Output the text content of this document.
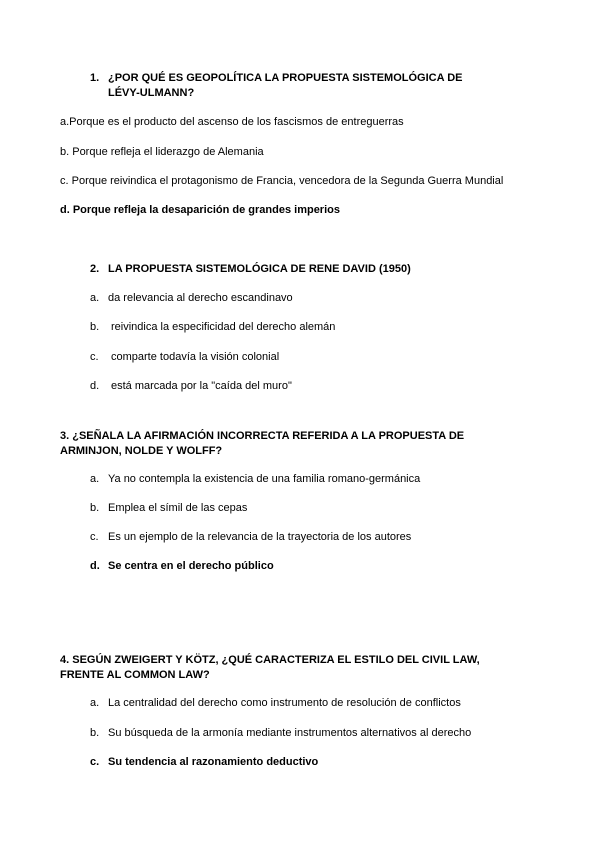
1. ¿POR QUÉ ES GEOPOLÍTICA LA PROPUESTA SISTEMOLÓGICA DE
LÉVY-ULMANN?
a.Porque es el producto del ascenso de los fascismos de entreguerras
b. Porque refleja el liderazgo de Alemania
c. Porque reivindica el protagonismo de Francia, vencedora de la Segunda Guerra Mundial
d. Porque refleja la desaparición de grandes imperios
2. LA PROPUESTA SISTEMOLÓGICA DE RENE DAVID (1950)
a. da relevancia al derecho escandinavo
b. reivindica la especificidad del derecho alemán
c. comparte todavía la visión colonial
d. está marcada por la "caída del muro"
3. ¿SEÑALA LA AFIRMACIÓN INCORRECTA REFERIDA A LA PROPUESTA DE
ARMINJON, NOLDE Y WOLFF?
a. Ya no contempla la existencia de una familia romano-germánica
b. Emplea el símil de las cepas
c. Es un ejemplo de la relevancia de la trayectoria de los autores
d. Se centra en el derecho público
4. SEGÚN ZWEIGERT Y KÖTZ, ¿QUÉ CARACTERIZA EL ESTILO DEL CIVIL LAW,
FRENTE AL COMMON LAW?
a. La centralidad del derecho como instrumento de resolución de conflictos
b. Su búsqueda de la armonía mediante instrumentos alternativos al derecho
c. Su tendencia al razonamiento deductivo
